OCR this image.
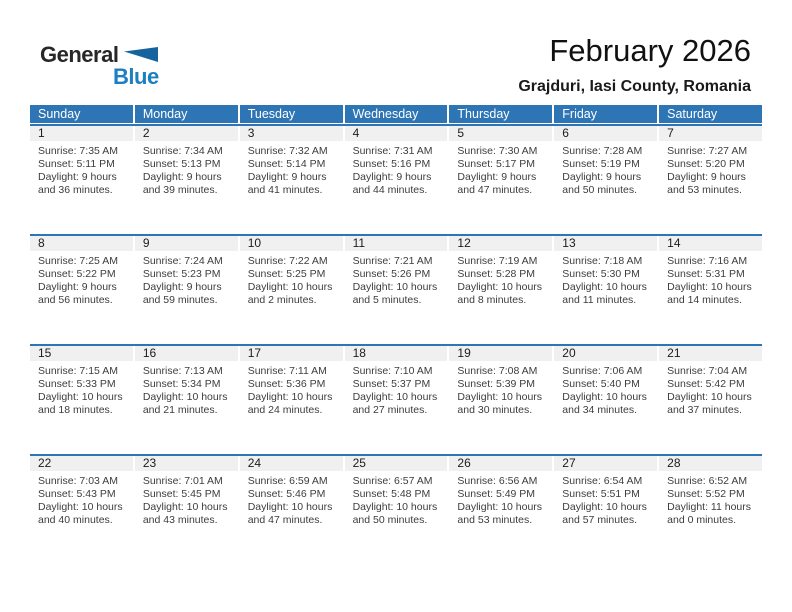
General
Blue
February 2026
Grajduri, Iasi County, Romania
Sunday	Monday	Tuesday	Wednesday	Thursday	Friday	Saturday
1	2	3	4	5	6	7
Sunrise: 7:35 AM
Sunset: 5:11 PM
Daylight: 9 hours
and 36 minutes.
Sunrise: 7:34 AM
Sunset: 5:13 PM
Daylight: 9 hours
and 39 minutes.
Sunrise: 7:32 AM
Sunset: 5:14 PM
Daylight: 9 hours
and 41 minutes.
Sunrise: 7:31 AM
Sunset: 5:16 PM
Daylight: 9 hours
and 44 minutes.
Sunrise: 7:30 AM
Sunset: 5:17 PM
Daylight: 9 hours
and 47 minutes.
Sunrise: 7:28 AM
Sunset: 5:19 PM
Daylight: 9 hours
and 50 minutes.
Sunrise: 7:27 AM
Sunset: 5:20 PM
Daylight: 9 hours
and 53 minutes.
8	9	10	11	12	13	14
Sunrise: 7:25 AM
Sunset: 5:22 PM
Daylight: 9 hours
and 56 minutes.
Sunrise: 7:24 AM
Sunset: 5:23 PM
Daylight: 9 hours
and 59 minutes.
Sunrise: 7:22 AM
Sunset: 5:25 PM
Daylight: 10 hours
and 2 minutes.
Sunrise: 7:21 AM
Sunset: 5:26 PM
Daylight: 10 hours
and 5 minutes.
Sunrise: 7:19 AM
Sunset: 5:28 PM
Daylight: 10 hours
and 8 minutes.
Sunrise: 7:18 AM
Sunset: 5:30 PM
Daylight: 10 hours
and 11 minutes.
Sunrise: 7:16 AM
Sunset: 5:31 PM
Daylight: 10 hours
and 14 minutes.
15	16	17	18	19	20	21
Sunrise: 7:15 AM
Sunset: 5:33 PM
Daylight: 10 hours
and 18 minutes.
Sunrise: 7:13 AM
Sunset: 5:34 PM
Daylight: 10 hours
and 21 minutes.
Sunrise: 7:11 AM
Sunset: 5:36 PM
Daylight: 10 hours
and 24 minutes.
Sunrise: 7:10 AM
Sunset: 5:37 PM
Daylight: 10 hours
and 27 minutes.
Sunrise: 7:08 AM
Sunset: 5:39 PM
Daylight: 10 hours
and 30 minutes.
Sunrise: 7:06 AM
Sunset: 5:40 PM
Daylight: 10 hours
and 34 minutes.
Sunrise: 7:04 AM
Sunset: 5:42 PM
Daylight: 10 hours
and 37 minutes.
22	23	24	25	26	27	28
Sunrise: 7:03 AM
Sunset: 5:43 PM
Daylight: 10 hours
and 40 minutes.
Sunrise: 7:01 AM
Sunset: 5:45 PM
Daylight: 10 hours
and 43 minutes.
Sunrise: 6:59 AM
Sunset: 5:46 PM
Daylight: 10 hours
and 47 minutes.
Sunrise: 6:57 AM
Sunset: 5:48 PM
Daylight: 10 hours
and 50 minutes.
Sunrise: 6:56 AM
Sunset: 5:49 PM
Daylight: 10 hours
and 53 minutes.
Sunrise: 6:54 AM
Sunset: 5:51 PM
Daylight: 10 hours
and 57 minutes.
Sunrise: 6:52 AM
Sunset: 5:52 PM
Daylight: 11 hours
and 0 minutes.
